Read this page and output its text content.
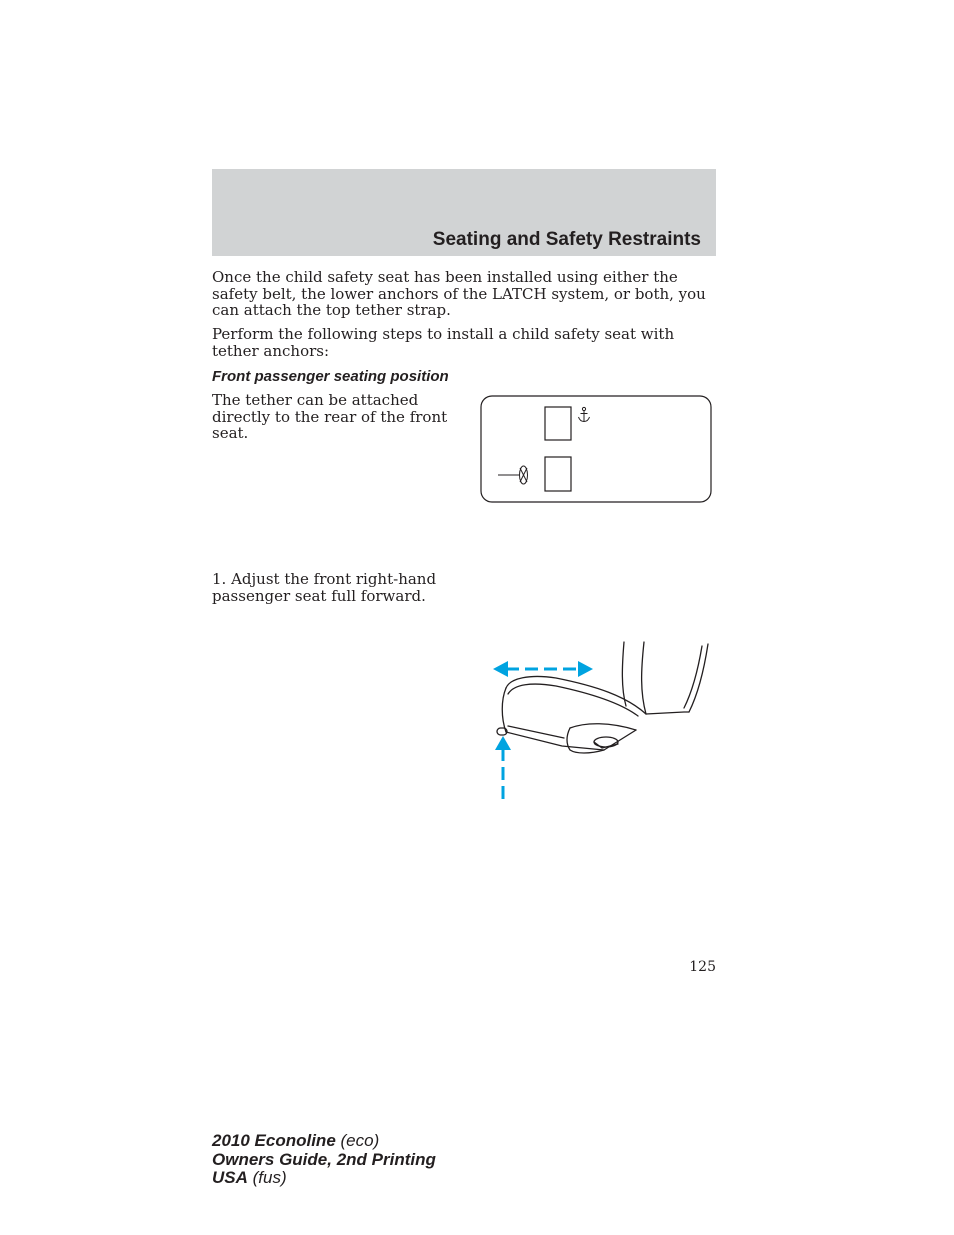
Seating and Safety Restraints

Once the child safety seat has been installed using either the safety belt, the lower anchors of the LATCH system, or both, you can attach the top tether strap.

Perform the following steps to install a child safety seat with tether anchors:

Front passenger seating position

The tether can be attached directly to the rear of the front seat.

1. Adjust the front right-hand passenger seat full forward.

125
2010 Econoline (eco)
Owners Guide, 2nd Printing
USA (fus)
